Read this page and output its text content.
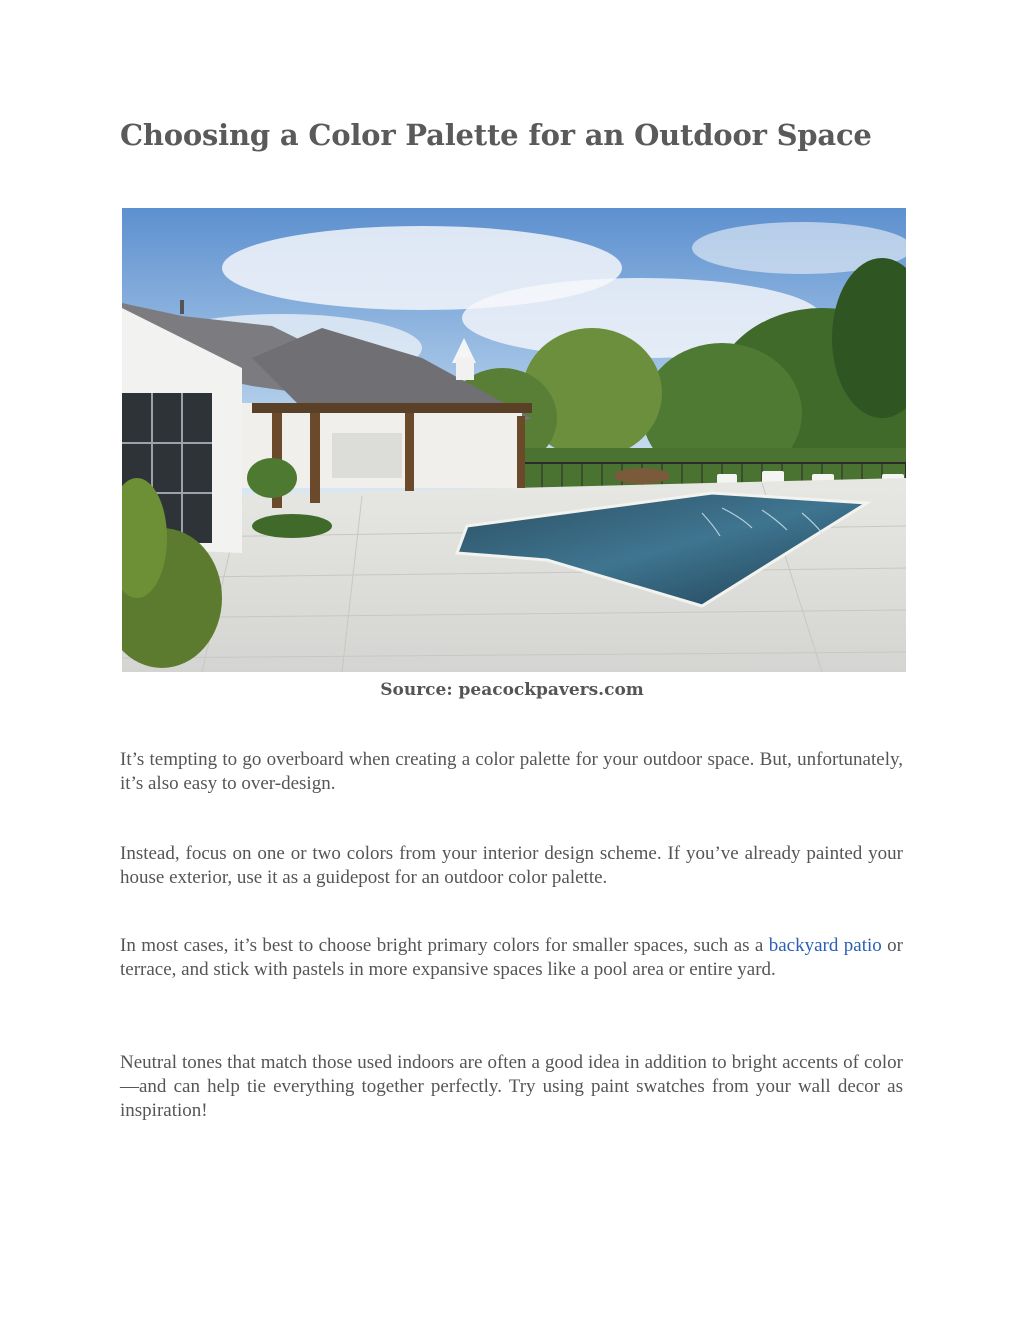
Choosing a Color Palette for an Outdoor Space
Source: peacockpavers.com

It’s tempting to go overboard when creating a color palette for your outdoor space. But, unfortunately, it’s also easy to over-design.

Instead, focus on one or two colors from your interior design scheme. If you’ve already painted your house exterior, use it as a guidepost for an outdoor color palette.

In most cases, it’s best to choose bright primary colors for smaller spaces, such as a backyard patio or terrace, and stick with pastels in more expansive spaces like a pool area or entire yard.

Neutral tones that match those used indoors are often a good idea in addition to bright accents of color—and can help tie everything together perfectly. Try using paint swatches from your wall decor as inspiration!
